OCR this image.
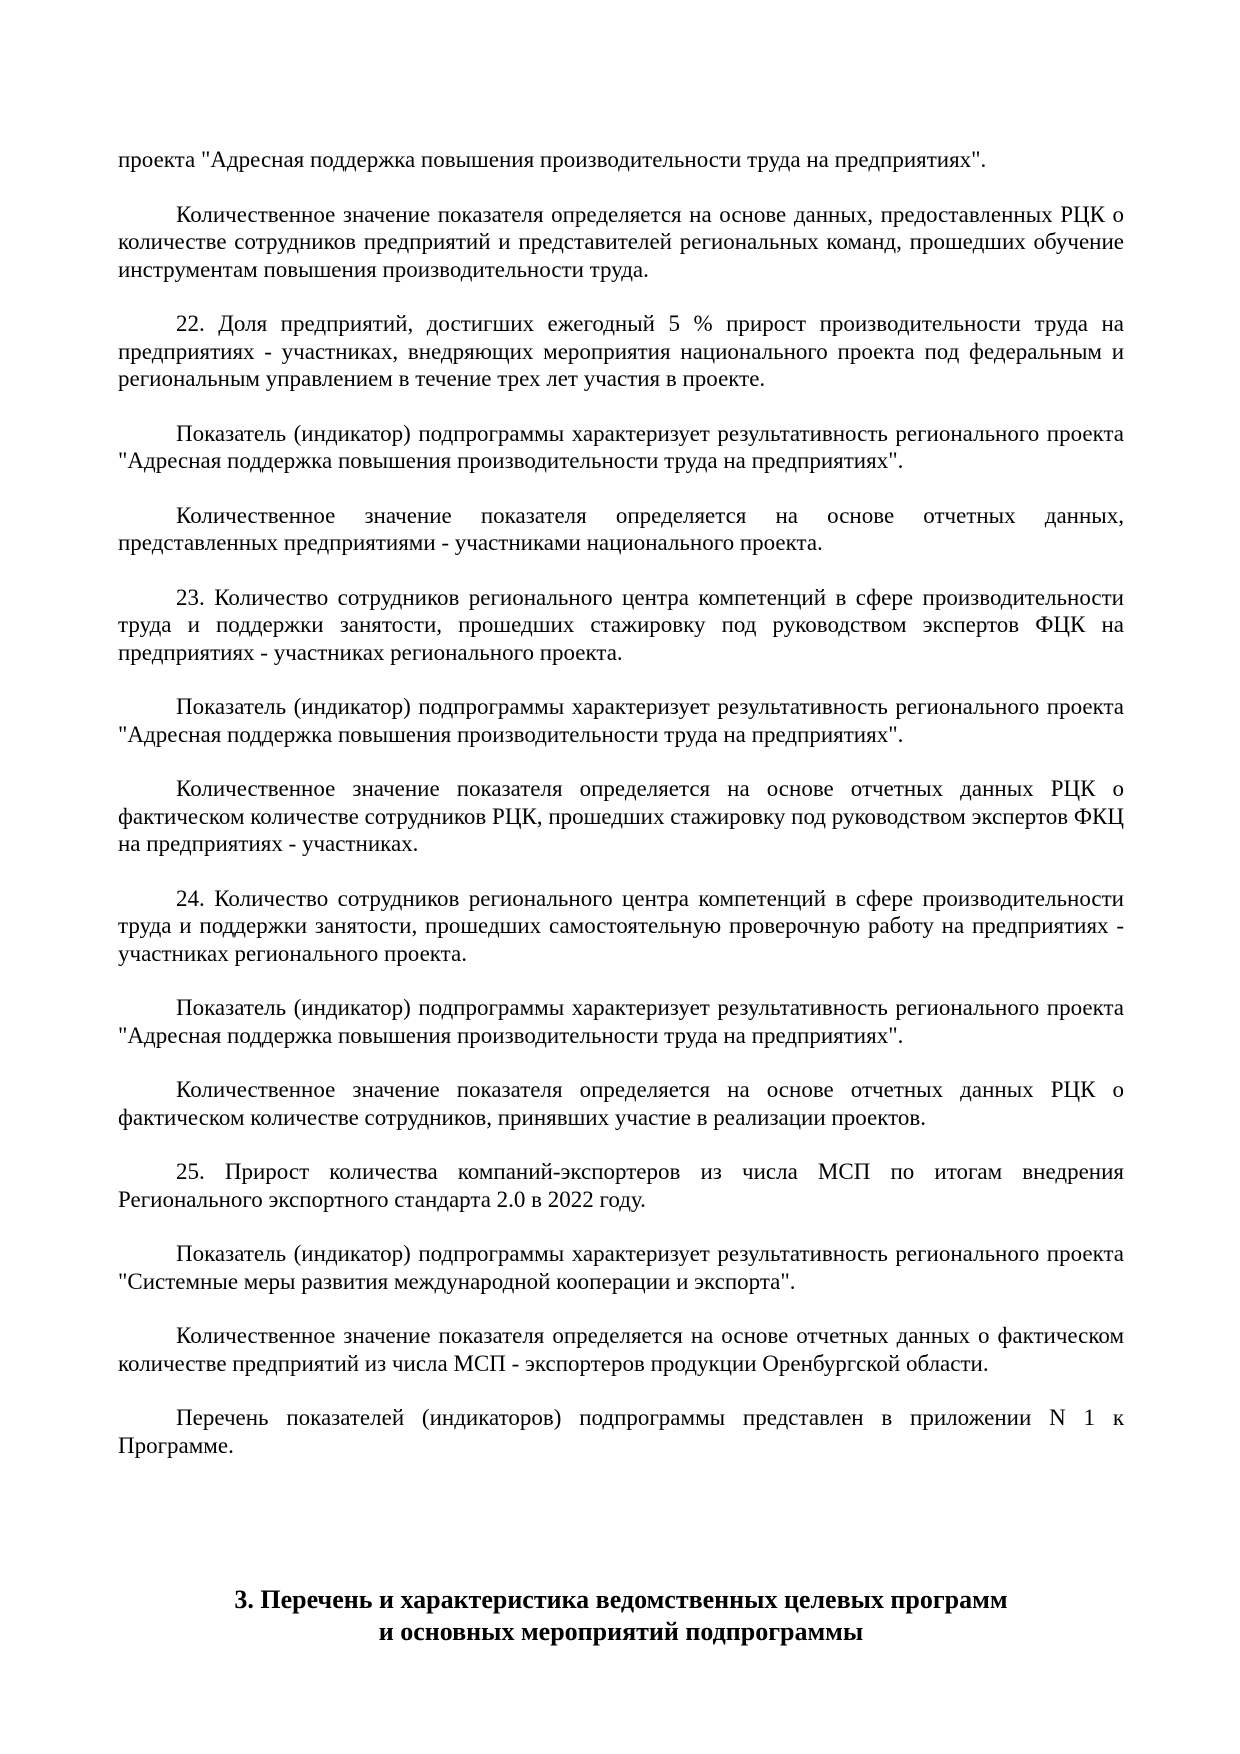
проекта "Адресная поддержка повышения производительности труда на предприятиях".

Количественное значение показателя определяется на основе данных, предоставленных РЦК о количестве сотрудников предприятий и представителей региональных команд, прошедших обучение инструментам повышения производительности труда.

22. Доля предприятий, достигших ежегодный 5 % прирост производительности труда на предприятиях - участниках, внедряющих мероприятия национального проекта под федеральным и региональным управлением в течение трех лет участия в проекте.

Показатель (индикатор) подпрограммы характеризует результативность регионального проекта "Адресная поддержка повышения производительности труда на предприятиях".

Количественное значение показателя определяется на основе отчетных данных, представленных предприятиями - участниками национального проекта.

23. Количество сотрудников регионального центра компетенций в сфере производительности труда и поддержки занятости, прошедших стажировку под руководством экспертов ФЦК на предприятиях - участниках регионального проекта.

Показатель (индикатор) подпрограммы характеризует результативность регионального проекта "Адресная поддержка повышения производительности труда на предприятиях".

Количественное значение показателя определяется на основе отчетных данных РЦК о фактическом количестве сотрудников РЦК, прошедших стажировку под руководством экспертов ФКЦ на предприятиях - участниках.

24. Количество сотрудников регионального центра компетенций в сфере производительности труда и поддержки занятости, прошедших самостоятельную проверочную работу на предприятиях - участниках регионального проекта.

Показатель (индикатор) подпрограммы характеризует результативность регионального проекта "Адресная поддержка повышения производительности труда на предприятиях".

Количественное значение показателя определяется на основе отчетных данных РЦК о фактическом количестве сотрудников, принявших участие в реализации проектов.

25. Прирост количества компаний-экспортеров из числа МСП по итогам внедрения Регионального экспортного стандарта 2.0 в 2022 году.

Показатель (индикатор) подпрограммы характеризует результативность регионального проекта "Системные меры развития международной кооперации и экспорта".

Количественное значение показателя определяется на основе отчетных данных о фактическом количестве предприятий из числа МСП - экспортеров продукции Оренбургской области.

Перечень показателей (индикаторов) подпрограммы представлен в приложении N 1 к Программе.

3. Перечень и характеристика ведомственных целевых программ
и основных мероприятий подпрограммы
